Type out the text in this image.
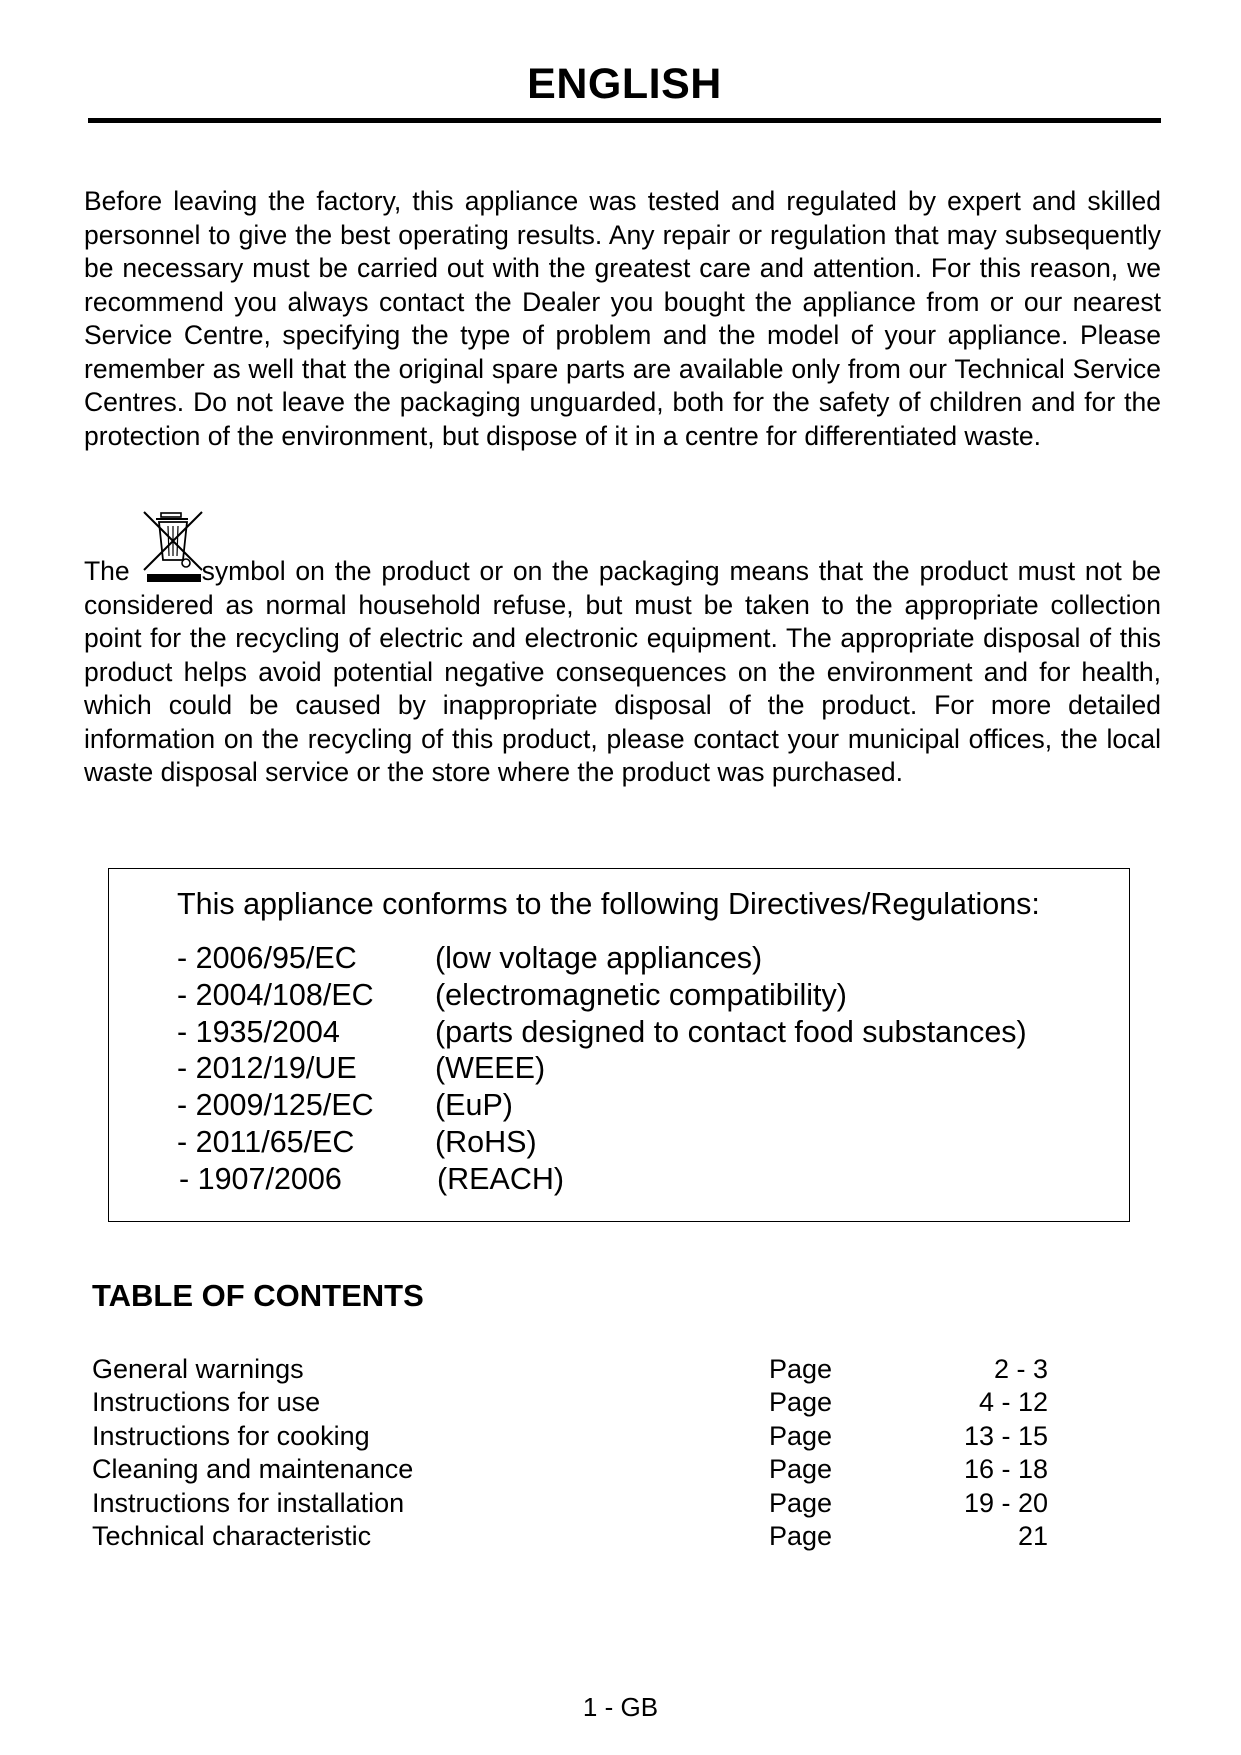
ENGLISH

Before leaving the factory, this appliance was tested and regulated by expert and skilled personnel to give the best operating results. Any repair or regulation that may subsequently be necessary must be carried out with the greatest care and attention. For this reason, we recommend you always contact the Dealer you bought the appliance from or our nearest Service Centre, specifying the type of problem and the model of your appliance. Please remember as well that the original spare parts are available only from our Technical Service Centres. Do not leave the packaging unguarded, both for the safety of children and for the protection of the environment, but dispose of it in a centre for differentiated waste.

The	symbol on the product or on the packaging means that the product must not be considered as normal household refuse, but must be taken to the appropriate collection point for the recycling of electric and electronic equipment. The appropriate disposal of this product helps avoid potential negative consequences on the environment and for health, which could be caused by inappropriate disposal of the product. For more detailed information on the recycling of this product, please contact your municipal offices, the local waste disposal service or the store where the product was purchased.

This appliance conforms to the following Directives/Regulations:
- 2006/95/EC	(low voltage appliances)
- 2004/108/EC (electromagnetic compatibility)
- 1935/2004	(parts designed to contact food substances)
- 2012/19/UE	(WEEE)
- 2009/125/EC (EuP)
- 2011/65/EC	(RoHS)
- 1907/2006	(REACH)
TABLE OF CONTENTS
General warnings	Page	2 - 3
Instructions for use	Page	4 - 12
Instructions for cooking	Page	13 - 15
Cleaning and maintenance	Page	16 - 18
Instructions for installation	Page	19 - 20
Technical characteristic	Page	21
1 - GB
